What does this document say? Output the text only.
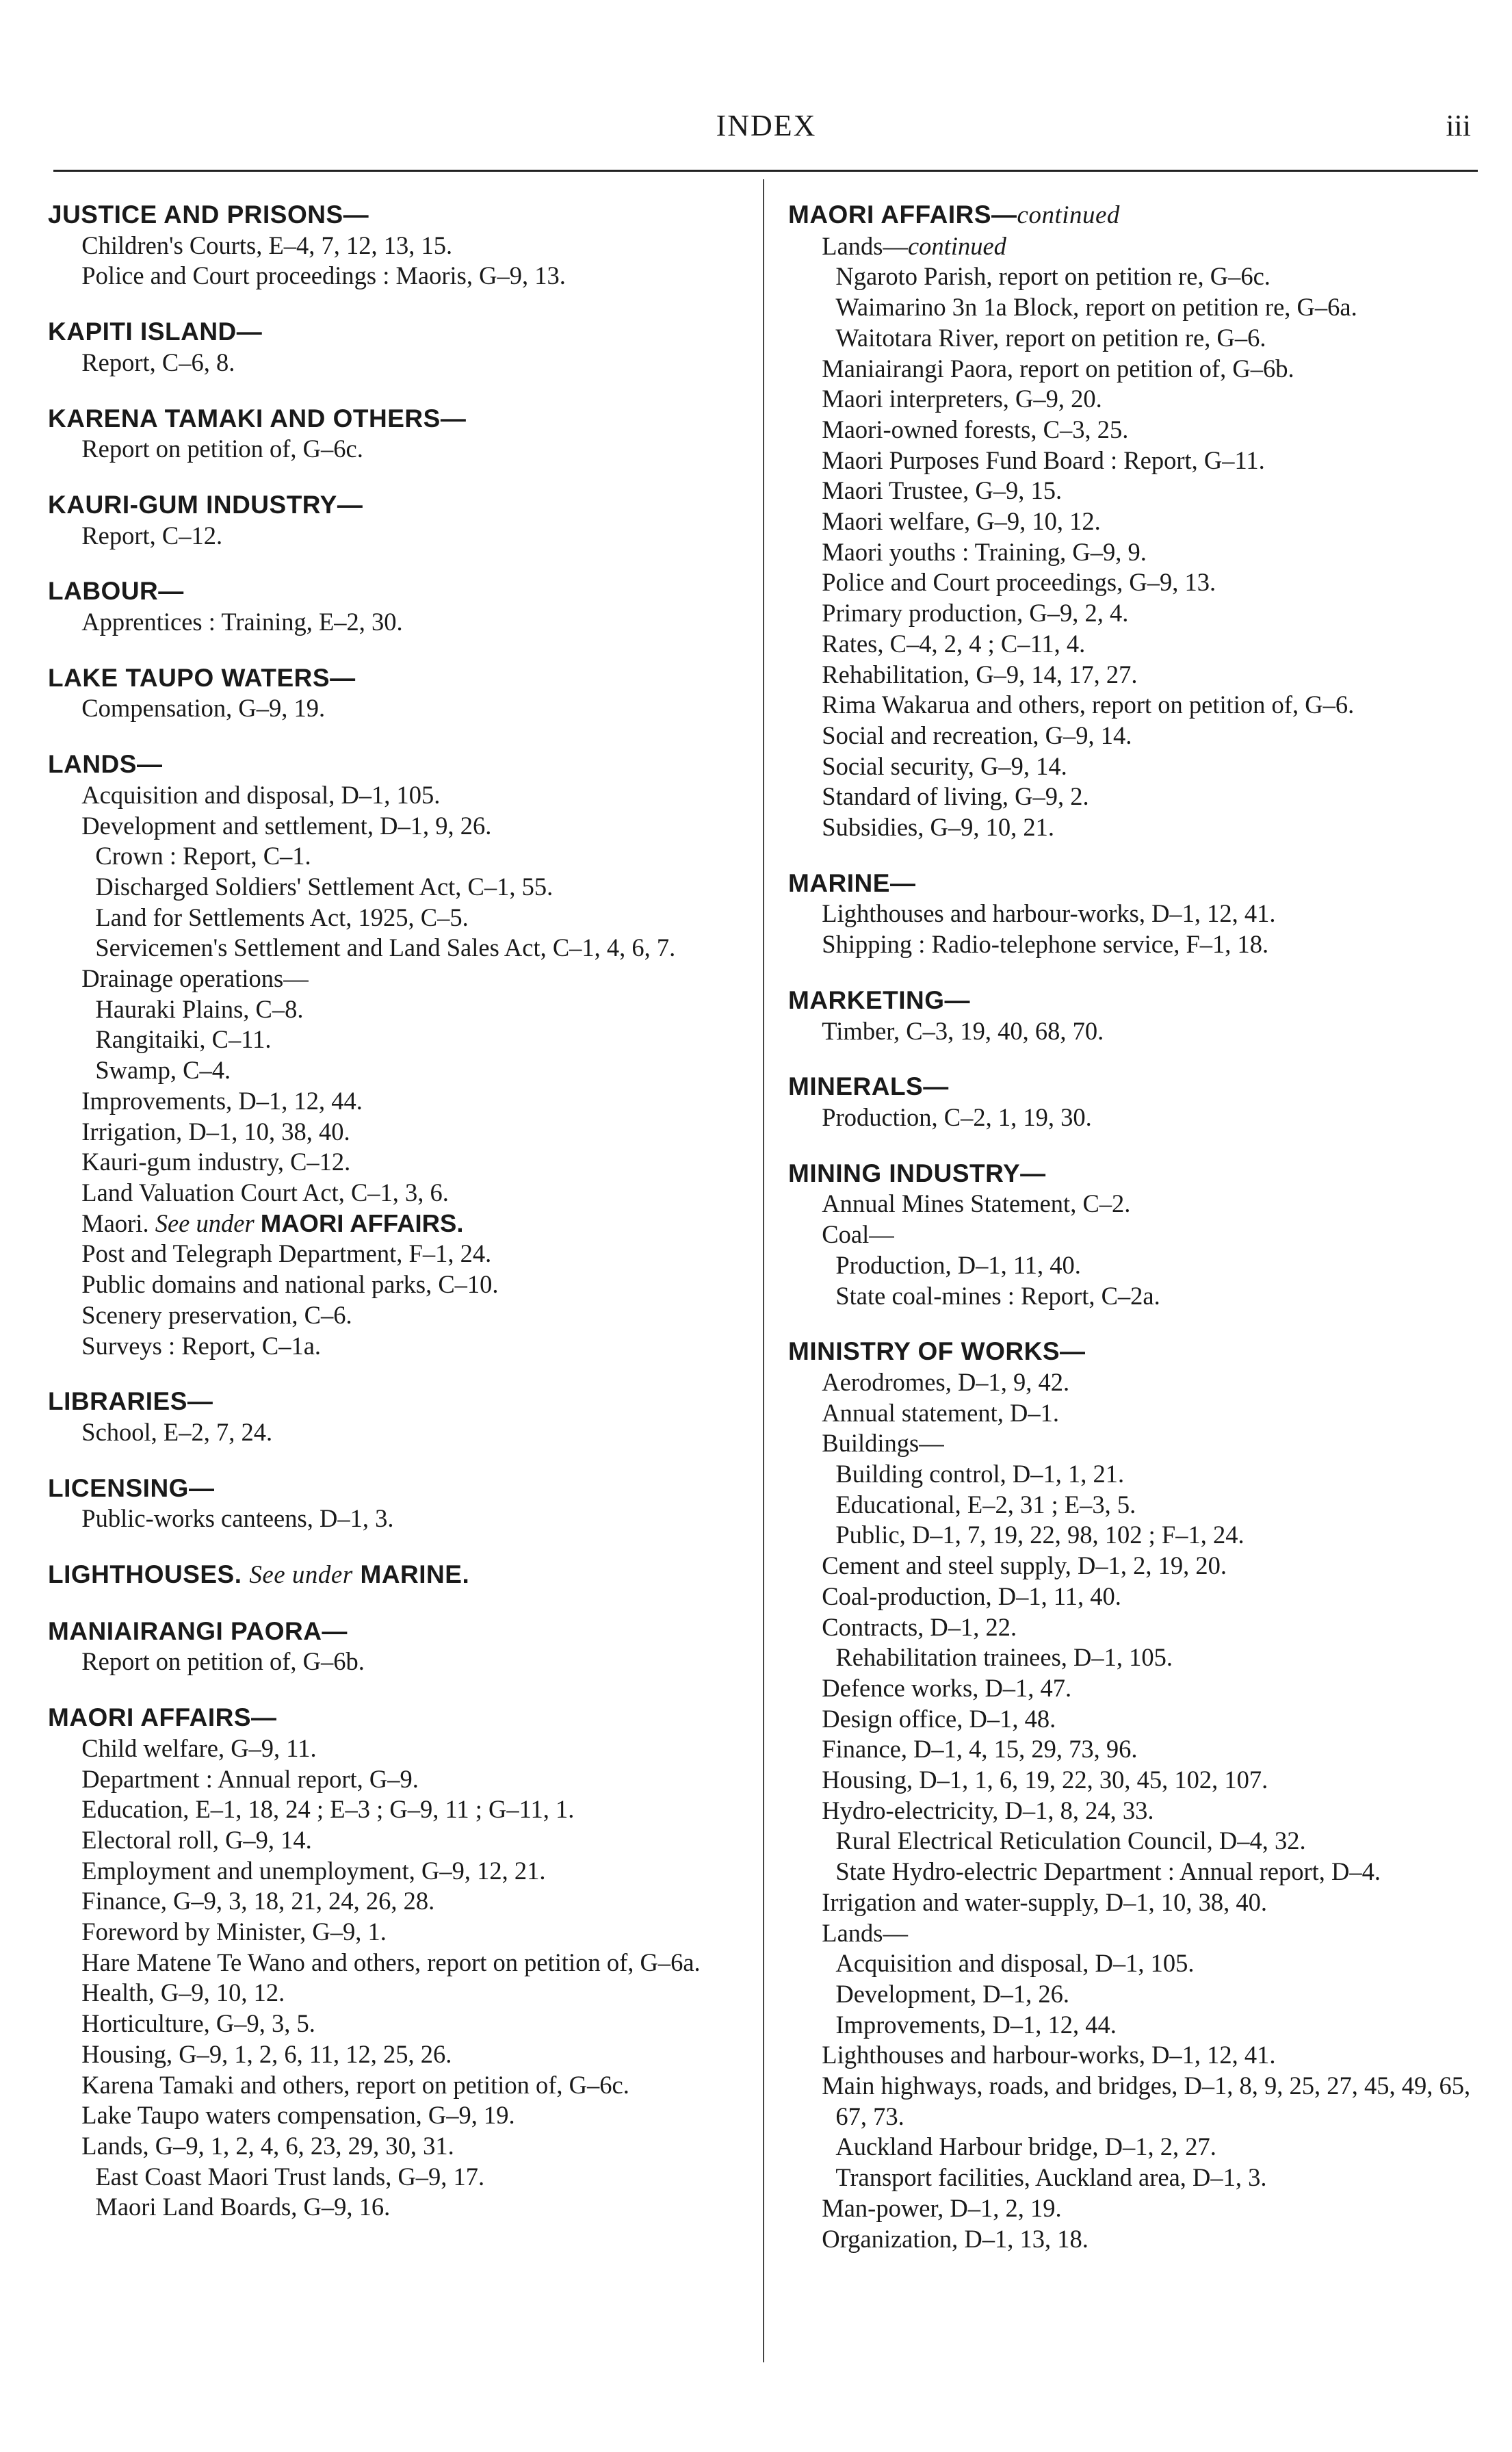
INDEX	iii
JUSTICE AND PRISONS—
Children's Courts, E–4, 7, 12, 13, 15.
Police and Court proceedings : Maoris, G–9, 13.
KAPITI ISLAND—
Report, C–6, 8.
KARENA TAMAKI AND OTHERS—
Report on petition of, G–6c.
KAURI-GUM INDUSTRY—
Report, C–12.
LABOUR—
Apprentices : Training, E–2, 30.
LAKE TAUPO WATERS—
Compensation, G–9, 19.
LANDS—
Acquisition and disposal, D–1, 105.
Development and settlement, D–1, 9, 26.
Crown : Report, C–1.
Discharged Soldiers' Settlement Act, C–1, 55.
Land for Settlements Act, 1925, C–5.
Servicemen's Settlement and Land Sales Act, C–1, 4, 6, 7.
Drainage operations—
Hauraki Plains, C–8.
Rangitaiki, C–11.
Swamp, C–4.
Improvements, D–1, 12, 44.
Irrigation, D–1, 10, 38, 40.
Kauri-gum industry, C–12.
Land Valuation Court Act, C–1, 3, 6.
Maori. See under MAORI AFFAIRS.
Post and Telegraph Department, F–1, 24.
Public domains and national parks, C–10.
Scenery preservation, C–6.
Surveys : Report, C–1a.
LIBRARIES—
School, E–2, 7, 24.
LICENSING—
Public-works canteens, D–1, 3.
LIGHTHOUSES. See under MARINE.
MANIAIRANGI PAORA—
Report on petition of, G–6b.
MAORI AFFAIRS—
Child welfare, G–9, 11.
Department : Annual report, G–9.
Education, E–1, 18, 24 ; E–3 ; G–9, 11 ; G–11, 1.
Electoral roll, G–9, 14.
Employment and unemployment, G–9, 12, 21.
Finance, G–9, 3, 18, 21, 24, 26, 28.
Foreword by Minister, G–9, 1.
Hare Matene Te Wano and others, report on petition of, G–6a.
Health, G–9, 10, 12.
Horticulture, G–9, 3, 5.
Housing, G–9, 1, 2, 6, 11, 12, 25, 26.
Karena Tamaki and others, report on petition of, G–6c.
Lake Taupo waters compensation, G–9, 19.
Lands, G–9, 1, 2, 4, 6, 23, 29, 30, 31.
East Coast Maori Trust lands, G–9, 17.
Maori Land Boards, G–9, 16.
MAORI AFFAIRS—continued
Lands—continued
Ngaroto Parish, report on petition re, G–6c.
Waimarino 3n 1a Block, report on petition re, G–6a.
Waitotara River, report on petition re, G–6.
Maniairangi Paora, report on petition of, G–6b.
Maori interpreters, G–9, 20.
Maori-owned forests, C–3, 25.
Maori Purposes Fund Board : Report, G–11.
Maori Trustee, G–9, 15.
Maori welfare, G–9, 10, 12.
Maori youths : Training, G–9, 9.
Police and Court proceedings, G–9, 13.
Primary production, G–9, 2, 4.
Rates, C–4, 2, 4 ; C–11, 4.
Rehabilitation, G–9, 14, 17, 27.
Rima Wakarua and others, report on petition of, G–6.
Social and recreation, G–9, 14.
Social security, G–9, 14.
Standard of living, G–9, 2.
Subsidies, G–9, 10, 21.
MARINE—
Lighthouses and harbour-works, D–1, 12, 41.
Shipping : Radio-telephone service, F–1, 18.
MARKETING—
Timber, C–3, 19, 40, 68, 70.
MINERALS—
Production, C–2, 1, 19, 30.
MINING INDUSTRY—
Annual Mines Statement, C–2.
Coal—
Production, D–1, 11, 40.
State coal-mines : Report, C–2a.
MINISTRY OF WORKS—
Aerodromes, D–1, 9, 42.
Annual statement, D–1.
Buildings—
Building control, D–1, 1, 21.
Educational, E–2, 31 ; E–3, 5.
Public, D–1, 7, 19, 22, 98, 102 ; F–1, 24.
Cement and steel supply, D–1, 2, 19, 20.
Coal-production, D–1, 11, 40.
Contracts, D–1, 22.
Rehabilitation trainees, D–1, 105.
Defence works, D–1, 47.
Design office, D–1, 48.
Finance, D–1, 4, 15, 29, 73, 96.
Housing, D–1, 1, 6, 19, 22, 30, 45, 102, 107.
Hydro-electricity, D–1, 8, 24, 33.
Rural Electrical Reticulation Council, D–4, 32.
State Hydro-electric Department : Annual report, D–4.
Irrigation and water-supply, D–1, 10, 38, 40.
Lands—
Acquisition and disposal, D–1, 105.
Development, D–1, 26.
Improvements, D–1, 12, 44.
Lighthouses and harbour-works, D–1, 12, 41.
Main highways, roads, and bridges, D–1, 8, 9, 25, 27, 45, 49, 65, 67, 73.
Auckland Harbour bridge, D–1, 2, 27.
Transport facilities, Auckland area, D–1, 3.
Man-power, D–1, 2, 19.
Organization, D–1, 13, 18.
